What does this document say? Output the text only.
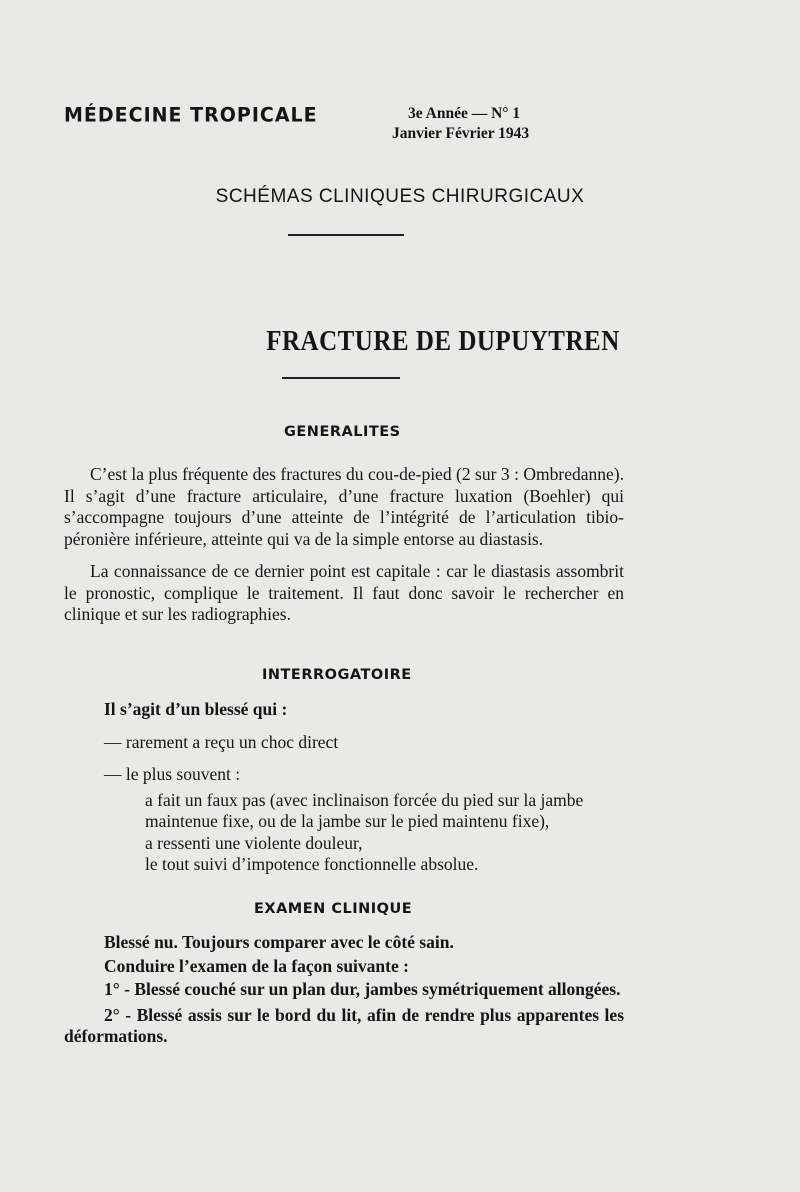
MÉDECINE TROPICALE	3e Année — N° 1
Janvier Février 1943
SCHÉMAS CLINIQUES CHIRURGICAUX
FRACTURE DE DUPUYTREN
GENERALITES

C’est la plus fréquente des fractures du cou-de-pied (2 sur 3 : Ombredanne). Il s’agit d’une fracture articulaire, d’une fracture luxation (Boehler) qui s’accompagne toujours d’une atteinte de l’intégrité de l’articulation tibio-péronière inférieure, atteinte qui va de la simple entorse au diastasis.

La connaissance de ce dernier point est capitale : car le diastasis assombrit le pronostic, complique le traitement. Il faut donc savoir le rechercher en clinique et sur les radiographies.

INTERROGATOIRE

Il s’agit d’un blessé qui :

— rarement a reçu un choc direct

— le plus souvent :

a fait un faux pas (avec inclinaison forcée du pied sur la jambe maintenue fixe, ou de la jambe sur le pied maintenu fixe),

a ressenti une violente douleur,

le tout suivi d’impotence fonctionnelle absolue.

EXAMEN CLINIQUE

Blessé nu. Toujours comparer avec le côté sain.

Conduire l’examen de la façon suivante :

1° - Blessé couché sur un plan dur, jambes symétriquement allongées.

2° - Blessé assis sur le bord du lit, afin de rendre plus apparentes les déformations.
